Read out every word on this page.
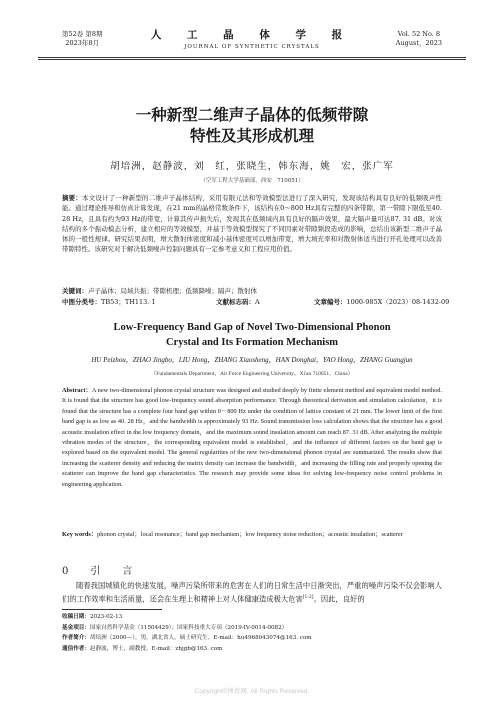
第52卷 第8期
2023年8月
人 工 晶 体 学 报
JOURNAL OF SYNTHETIC CRYSTALS
Vol. 52 No. 8
August，2023
一种新型二维声子晶体的低频带隙
特性及其形成机理
胡培洲，赵静波，刘　红，张晓生，韩东海，姚　宏，张广军
（空军工程大学基础部，西安　710051）
摘要：本文设计了一种新型的二维声子晶体结构，采用有限元法和等效模型法进行了深入研究，发现该结构具有良好的低频吸声性能。通过理论推导和仿真计算发现，在21 mm的晶格常数条件下，该结构在0～800 Hz具有完整的四条带隙，第一带隙下限低至40. 28 Hz，且具有约为93 Hz的带宽，计算其传声损失后，发现其在低频域内具有良好的隔声效果，最大隔声量可达87. 31 dB。对该结构的多个振动模态分析，建立相应的等效模型，并基于等效模型探究了不同因素对带隙频段造成的影响，总结出该新型二维声子晶体的一般性规律。研究结果表明，增大散射体密度和减小基体密度可以增加带宽，增大填充率和对散射体适当进行开孔处理可以改善带隙特性。该研究对于解决低频噪声控制问题具有一定参考意义和工程应用价值。
关键词：声子晶体；局域共振；带隙机理；低频降噪；隔声；散射体
中图分类号：TB53；TH113. 1	文献标志码：A	文章编号：1000-985X（2023）08-1432-09
Low-Frequency Band Gap of Novel Two-Dimensional Phonon
Crystal and Its Formation Mechanism
HU Peizhou，ZHAO Jingbo，LIU Hong，ZHANG Xiaosheng，HAN Donghai，YAO Hong，ZHANG Guangjun
（Fundamentals Department，Air Force Engineering University，Xi'an 710051，China）
Abstract：A new two-dimensional phonon crystal structure was designed and studied deeply by finite element method and equivalent model method. It is found that the structure has good low-frequency sound absorption performance. Through theoretical derivation and simulation calculation，it is found that the structure has a complete four band gap within 0－800 Hz under the condition of lattice constant of 21 mm. The lower limit of the first band gap is as low as 40. 28 Hz，and the bandwidth is approximately 93 Hz. Sound transmission loss calculation shows that the structure has a good acoustic insulation effect in the low frequency domain，and the maximum sound insulation amount can reach 87. 31 dB. After analyzing the multiple vibration modes of the structure，the corresponding equivalent model is established，and the influence of different factors on the band gap is explored based on the equivalent model. The general regularities of the new two-dimensional phonon crystal are summarized. The results show that increasing the scatterer density and reducing the matrix density can increase the bandwidth，and increasing the filling rate and properly opening the scatterer can improve the band gap characteristics. The research may provide some ideas for solving low-frequency noise control problems in engineering application.
Key words：phonon crystal；local resonance；band gap mechanism；low frequency noise reduction；acoustic insulation；scatterer
0　引　言
随着我国城镇化的快速发展，噪声污染所带来的危害在人们的日常生活中日渐突出，严重的噪声污染不仅会影响人们的工作效率和生活质量，还会在生理上和精神上对人体健康造成极大危害[1-2]。因此，良好的
收稿日期：2023-02-13
基金项目：国家自然科学基金（11504429）；国家科技重大专项（2019-IV-0014-0082）
作者简介：胡培洲（2000—），男，湖北省人，硕士研究生。E-mail：hu4968043074@163. com
通信作者：赵静波，博士，副教授。E-mail：zhjgb@163. com
Copyright©博看网. All Rights Reserved.
